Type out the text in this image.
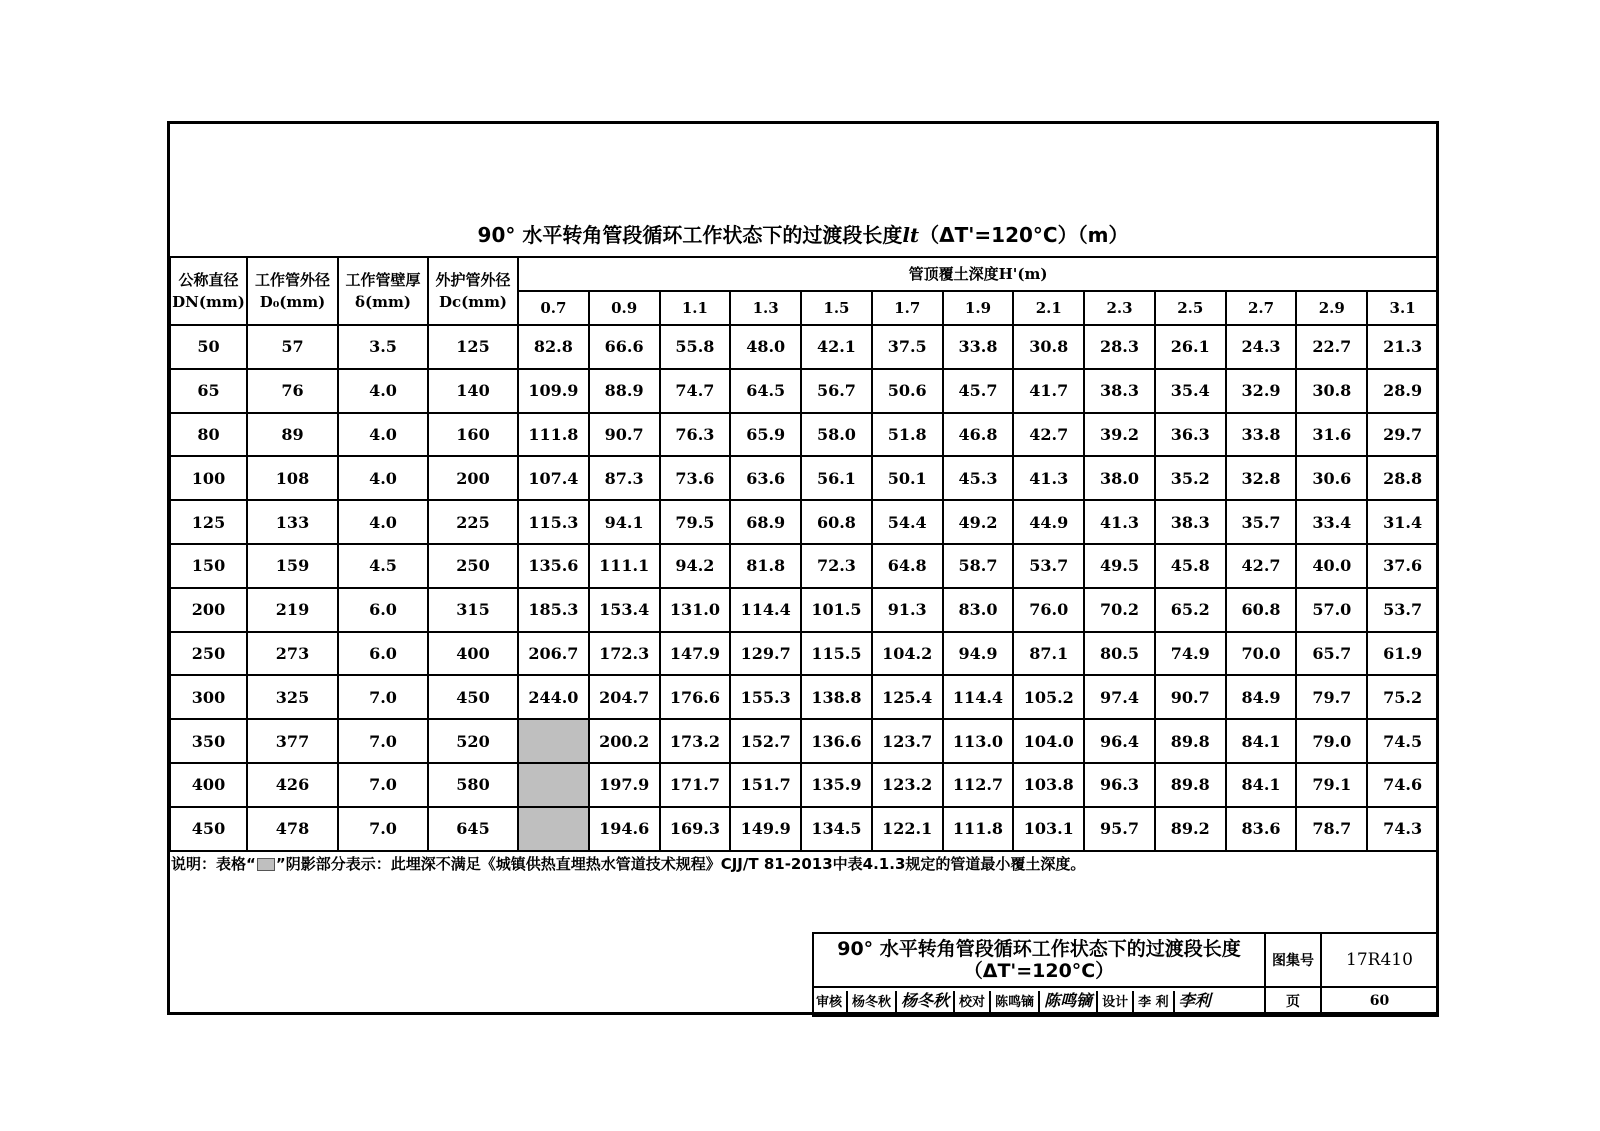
90° 水平转角管段循环工作状态下的过渡段长度lt（ΔT'=120°C）（m）
公称直径DN(mm)	工作管外径D₀(mm)	工作管壁厚δ(mm)	外护管外径Dc(mm)	管顶覆土深度H'(m)												
				0.7	0.9	1.1	1.3	1.5	1.7	1.9	2.1	2.3	2.5	2.7	2.9	3.1
50	57	3.5	125	82.8	66.6	55.8	48.0	42.1	37.5	33.8	30.8	28.3	26.1	24.3	22.7	21.3
65	76	4.0	140	109.9	88.9	74.7	64.5	56.7	50.6	45.7	41.7	38.3	35.4	32.9	30.8	28.9
80	89	4.0	160	111.8	90.7	76.3	65.9	58.0	51.8	46.8	42.7	39.2	36.3	33.8	31.6	29.7
100	108	4.0	200	107.4	87.3	73.6	63.6	56.1	50.1	45.3	41.3	38.0	35.2	32.8	30.6	28.8
125	133	4.0	225	115.3	94.1	79.5	68.9	60.8	54.4	49.2	44.9	41.3	38.3	35.7	33.4	31.4
150	159	4.5	250	135.6	111.1	94.2	81.8	72.3	64.8	58.7	53.7	49.5	45.8	42.7	40.0	37.6
200	219	6.0	315	185.3	153.4	131.0	114.4	101.5	91.3	83.0	76.0	70.2	65.2	60.8	57.0	53.7
250	273	6.0	400	206.7	172.3	147.9	129.7	115.5	104.2	94.9	87.1	80.5	74.9	70.0	65.7	61.9
300	325	7.0	450	244.0	204.7	176.6	155.3	138.8	125.4	114.4	105.2	97.4	90.7	84.9	79.7	75.2
350	377	7.0	520		200.2	173.2	152.7	136.6	123.7	113.0	104.0	96.4	89.8	84.1	79.0	74.5
400	426	7.0	580		197.9	171.7	151.7	135.9	123.2	112.7	103.8	96.3	89.8	84.1	79.1	74.6
450	478	7.0	645		194.6	169.3	149.9	134.5	122.1	111.8	103.1	95.7	89.2	83.6	78.7	74.3
说明：表格“ ”阴影部分表示：此埋深不满足《城镇供热直埋热水管道技术规程》CJJ/T 81-2013中表4.1.3规定的管道最小覆土深度。
90° 水平转角管段循环工作状态下的过渡段长度
（ΔT'=120°C）	图集号	17R410
审核 杨冬秋 杨冬秋 校对 陈鸣镝 陈鸣镝 设计 李 利 李利	页	60
